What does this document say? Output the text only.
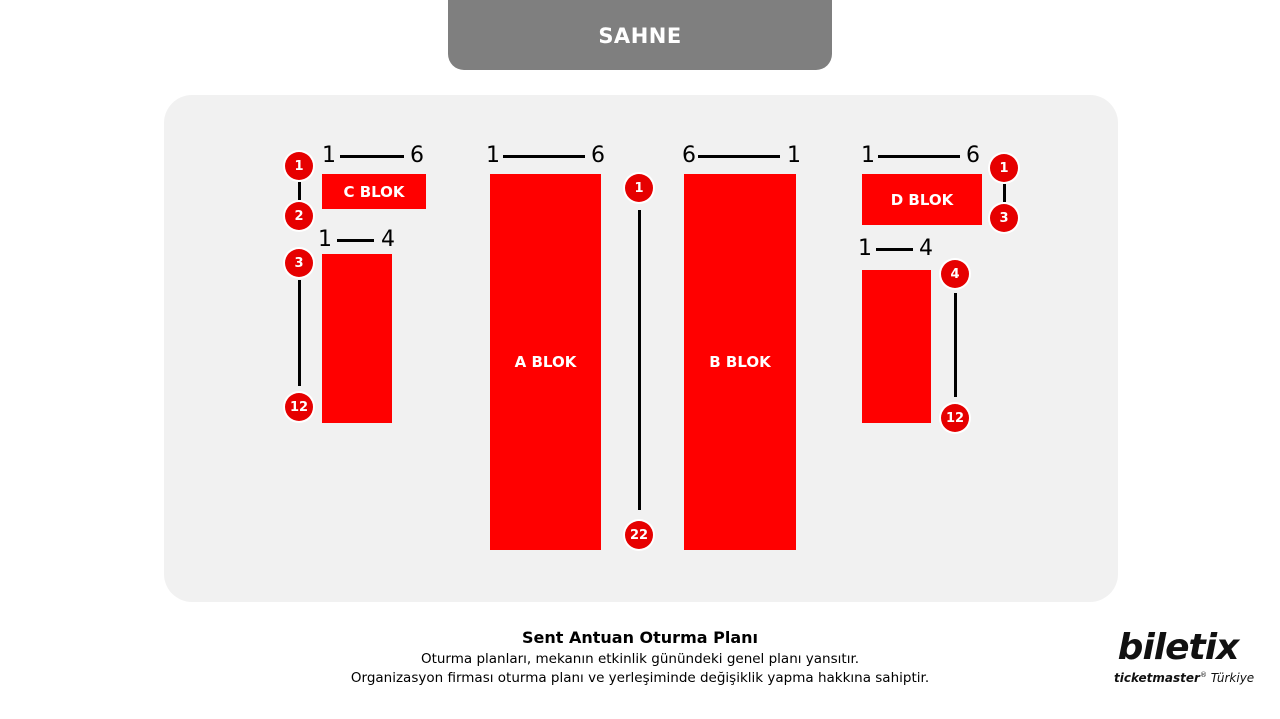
SAHNE
1	6
C BLOK
1
2
1 4
3
12
1	6
A BLOK
1
22
6	1
B BLOK
1	6
D BLOK
1
3
1 4
4
12
Sent Antuan Oturma Planı
Oturma planları, mekanın etkinlik günündeki genel planı yansıtır.
Organizasyon firması oturma planı ve yerleşiminde değişiklik yapma hakkına sahiptir.
biletix
ticketmaster® Türkiye
